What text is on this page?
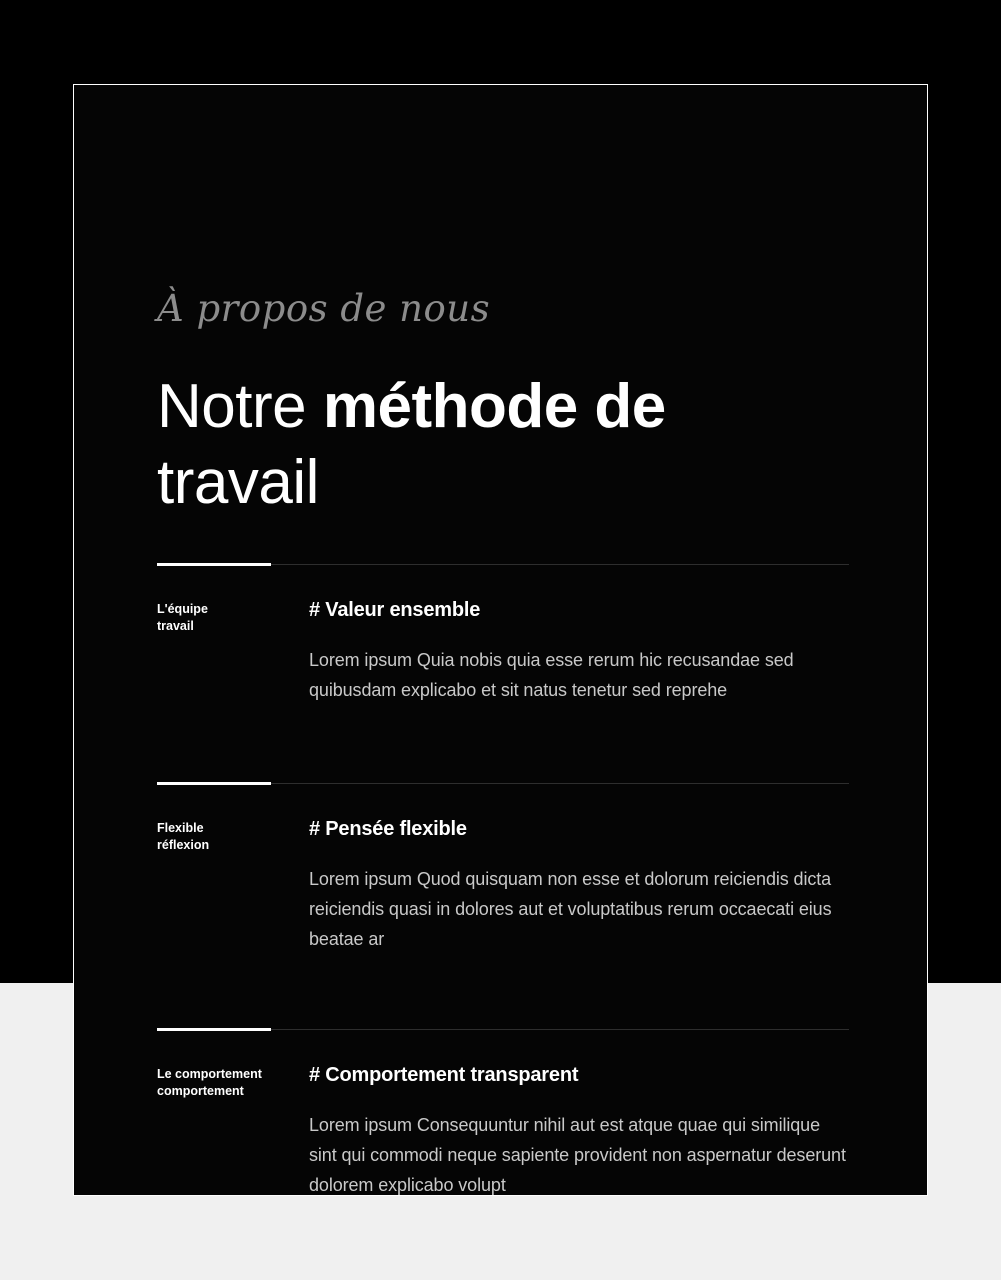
À propos de nous
Notre méthode de
travail
L'équipe
travail
# Valeur ensemble

Lorem ipsum Quia nobis quia esse rerum hic recusandae sed quibusdam explicabo et sit natus tenetur sed reprehe

Flexible
réflexion
# Pensée flexible

Lorem ipsum Quod quisquam non esse et dolorum reiciendis dicta reiciendis quasi in dolores aut et voluptatibus rerum occaecati eius beatae ar

Le comportement
comportement
# Comportement transparent

Lorem ipsum Consequuntur nihil aut est atque quae qui similique sint qui commodi neque sapiente provident non aspernatur deserunt dolorem explicabo volupt
